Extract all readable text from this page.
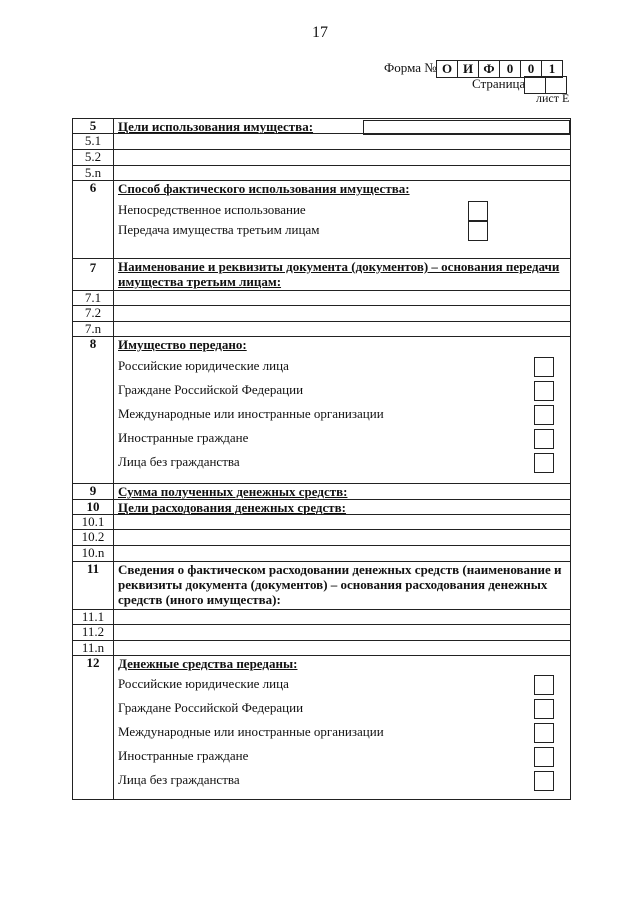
17
Форма № О И Ф 0	0	1
Страница
лист Е
5	Цели использования имущества:
5.1
5.2
5.n
6	Способ фактического использования имущества:
Непосредственное использование
Передача имущества третьим лицам
7	Наименование и реквизиты документа (документов) – основания передачи имущества третьим лицам:
7.1
7.2
7.n
8	Имущество передано:
Российские юридические лица
Граждане Российской Федерации
Международные или иностранные организации
Иностранные граждане
Лица без гражданства
9	Сумма полученных денежных средств:
10	Цели расходования денежных средств:
10.1
10.2
10.n
11	Сведения о фактическом расходовании денежных средств (наименование и реквизиты документа (документов) – основания расходования денежных средств (иного имущества):
11.1
11.2
11.n
12	Денежные средства переданы:
Российские юридические лица
Граждане Российской Федерации
Международные или иностранные организации
Иностранные граждане
Лица без гражданства
